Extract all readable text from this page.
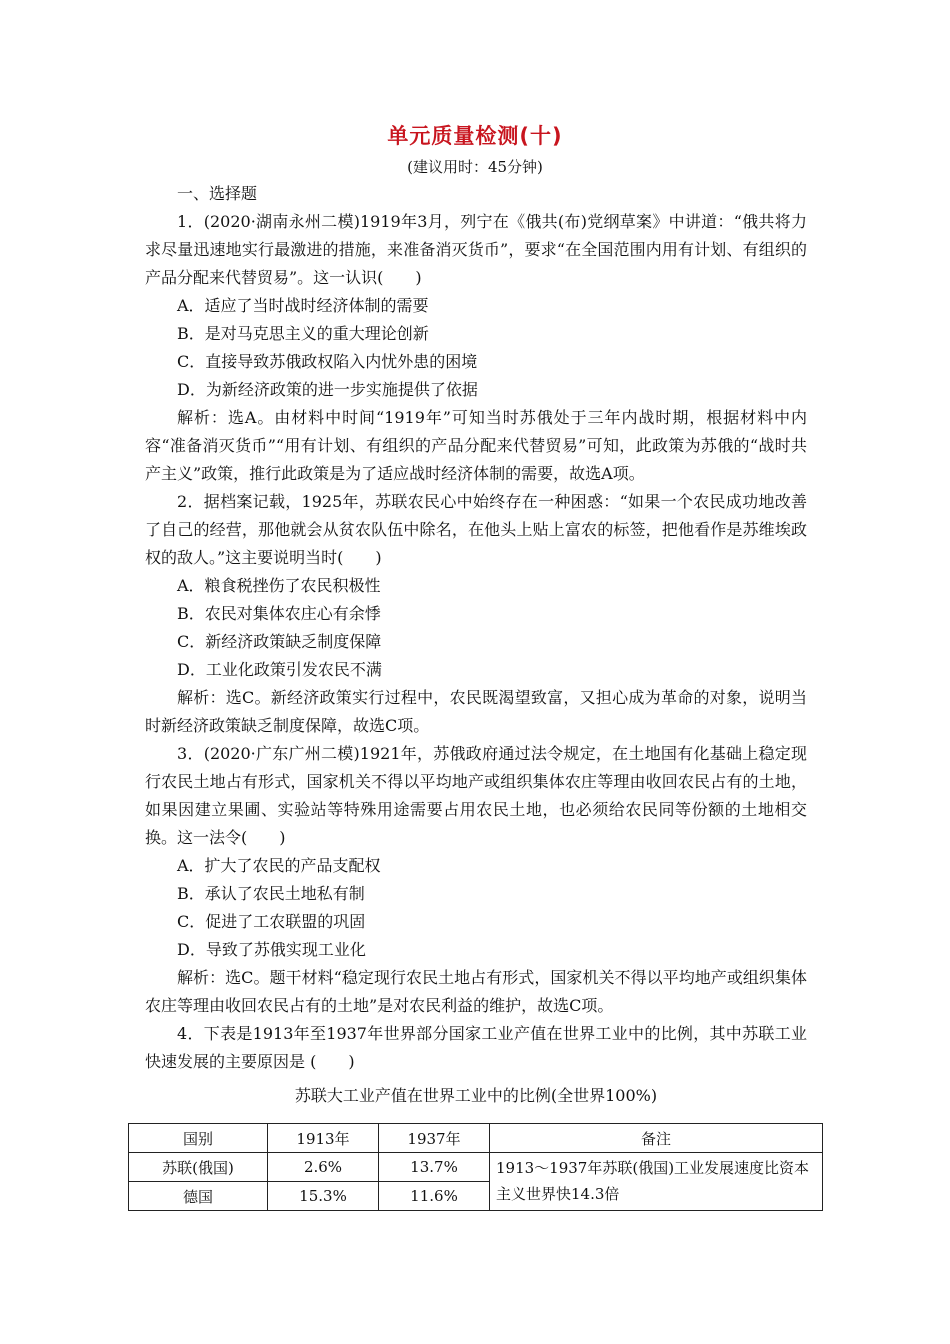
单元质量检测(十)
(建议用时：45分钟)

一、选择题

1．(2020·湖南永州二模)1919年3月，列宁在《俄共(布)党纲草案》中讲道：“俄共将力求尽量迅速地实行最激进的措施，来准备消灭货币”，要求“在全国范围内用有计划、有组织的产品分配来代替贸易”。这一认识(　　)

A．适应了当时战时经济体制的需要

B．是对马克思主义的重大理论创新

C．直接导致苏俄政权陷入内忧外患的困境

D．为新经济政策的进一步实施提供了依据

解析：选A。由材料中时间“1919年”可知当时苏俄处于三年内战时期，根据材料中内容“准备消灭货币”“用有计划、有组织的产品分配来代替贸易”可知，此政策为苏俄的“战时共产主义”政策，推行此政策是为了适应战时经济体制的需要，故选A项。

2．据档案记载，1925年，苏联农民心中始终存在一种困惑：“如果一个农民成功地改善了自己的经营，那他就会从贫农队伍中除名，在他头上贴上富农的标签，把他看作是苏维埃政权的敌人。”这主要说明当时(　　)

A．粮食税挫伤了农民积极性

B．农民对集体农庄心有余悸

C．新经济政策缺乏制度保障

D．工业化政策引发农民不满

解析：选C。新经济政策实行过程中，农民既渴望致富，又担心成为革命的对象，说明当时新经济政策缺乏制度保障，故选C项。

3．(2020·广东广州二模)1921年，苏俄政府通过法令规定，在土地国有化基础上稳定现行农民土地占有形式，国家机关不得以平均地产或组织集体农庄等理由收回农民占有的土地，如果因建立果圃、实验站等特殊用途需要占用农民土地，也必须给农民同等份额的土地相交换。这一法令(　　)

A．扩大了农民的产品支配权

B．承认了农民土地私有制

C．促进了工农联盟的巩固

D．导致了苏俄实现工业化

解析：选C。题干材料“稳定现行农民土地占有形式，国家机关不得以平均地产或组织集体农庄等理由收回农民占有的土地”是对农民利益的维护，故选C项。

4．下表是1913年至1937年世界部分国家工业产值在世界工业中的比例，其中苏联工业快速发展的主要原因是 (　　)

苏联大工业产值在世界工业中的比例(全世界100%)

国别	1913年	1937年	备注
苏联(俄国)	2.6%	13.7%	1913～1937年苏联(俄国)工业发展速度比资本主义世界快14.3倍
德国	15.3%	11.6%	
